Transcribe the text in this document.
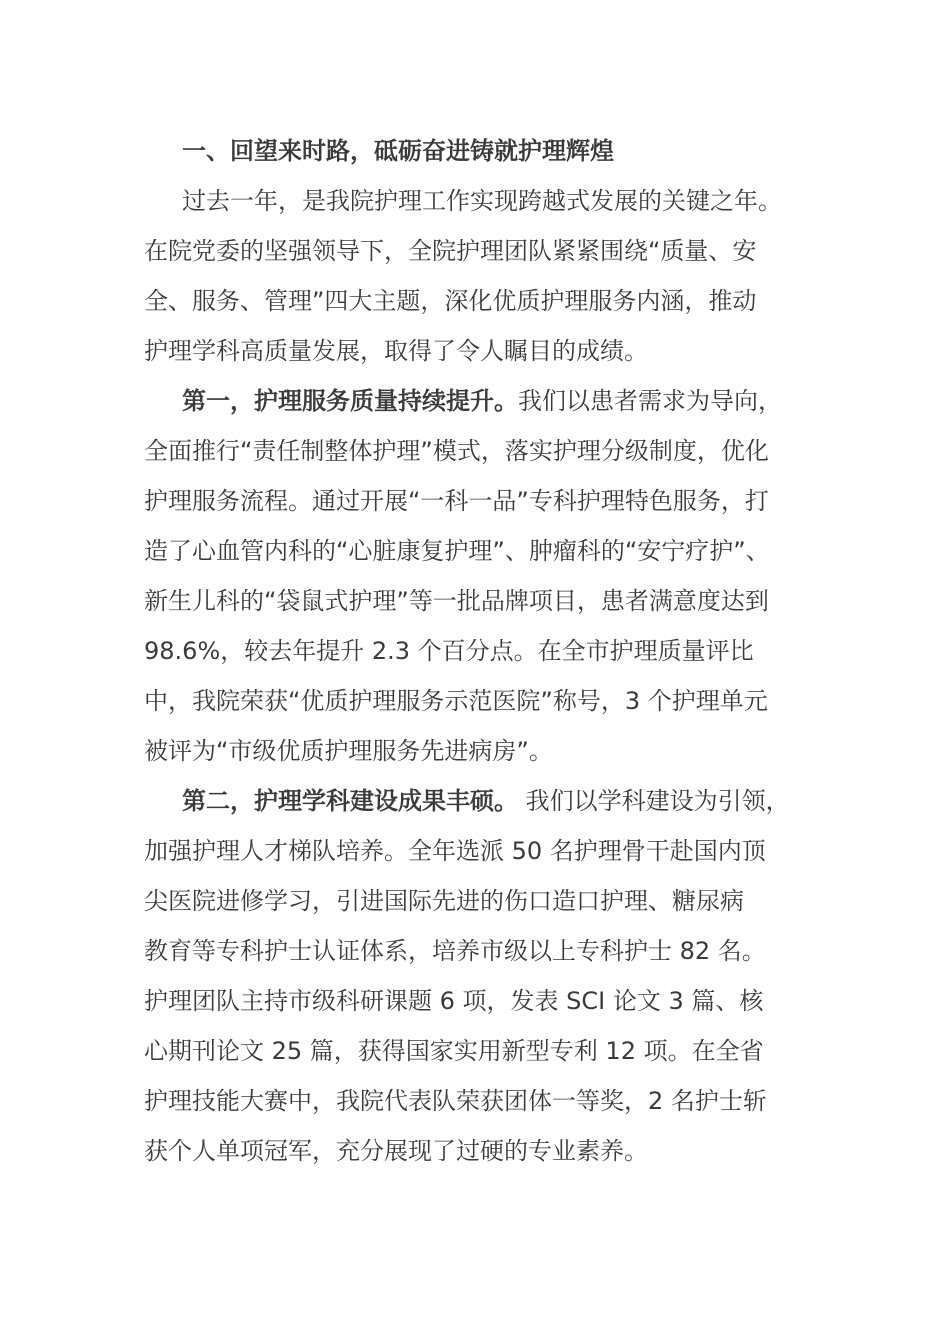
一、回望来时路，砥砺奋进铸就护理辉煌

过去一年，是我院护理工作实现跨越式发展的关键之年。
在院党委的坚强领导下，全院护理团队紧紧围绕“质量、安
全、服务、管理”四大主题，深化优质护理服务内涵，推动
护理学科高质量发展，取得了令人瞩目的成绩。

第一，护理服务质量持续提升。我们以患者需求为导向，
全面推行“责任制整体护理”模式，落实护理分级制度，优化
护理服务流程。通过开展“一科一品”专科护理特色服务，打
造了心血管内科的“心脏康复护理”、肿瘤科的“安宁疗护”、
新生儿科的“袋鼠式护理”等一批品牌项目，患者满意度达到
98.6%，较去年提升 2.3 个百分点。在全市护理质量评比
中，我院荣获“优质护理服务示范医院”称号，3 个护理单元
被评为“市级优质护理服务先进病房”。

第二，护理学科建设成果丰硕。 我们以学科建设为引领，
加强护理人才梯队培养。全年选派 50 名护理骨干赴国内顶
尖医院进修学习，引进国际先进的伤口造口护理、糖尿病
教育等专科护士认证体系，培养市级以上专科护士 82 名。
护理团队主持市级科研课题 6 项，发表 SCI 论文 3 篇、核
心期刊论文 25 篇，获得国家实用新型专利 12 项。在全省
护理技能大赛中，我院代表队荣获团体一等奖，2 名护士斩
获个人单项冠军，充分展现了过硬的专业素养。
